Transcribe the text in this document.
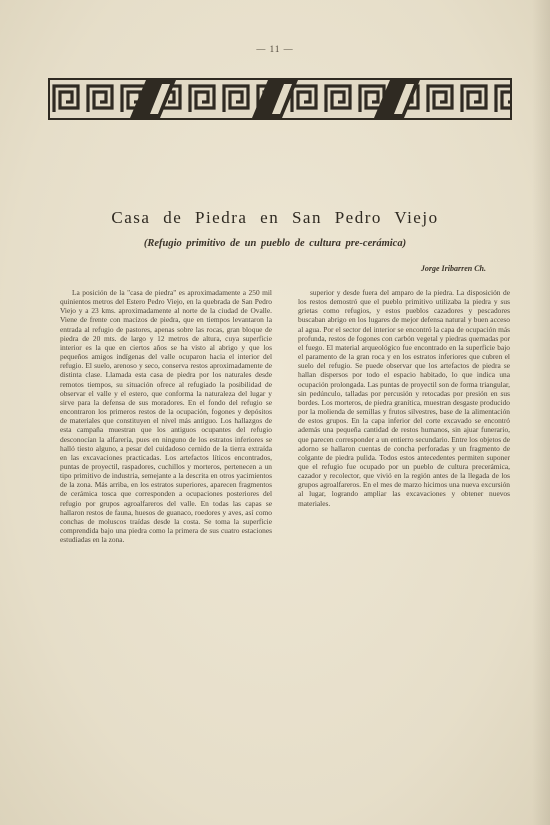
— 11 —
Casa de Piedra en San Pedro Viejo
(Refugio primitivo de un pueblo de cultura pre-cerámica)
Jorge Iribarren Ch.

La posición de la "casa de piedra" es aproximadamente a 250 mil quinientos metros del Estero Pedro Viejo, en la quebrada de San Pedro Viejo y a 23 kms. aproximadamente al norte de la ciudad de Ovalle. Viene de frente con macizos de piedra, que en tiempos levantaron la entrada al refugio de pastores, apenas sobre las rocas, gran bloque de piedra de 20 mts. de largo y 12 metros de altura, cuya superficie interior es la que en ciertos años se ha visto al abrigo y que los pequeños amigos indígenas del valle ocuparon hacia el interior del refugio. El suelo, arenoso y seco, conserva restos aproximadamente de distinta clase. Llamada esta casa de piedra por los naturales desde remotos tiempos, su situación ofrece al refugiado la posibilidad de observar el valle y el estero, que conforma la naturaleza del lugar y sirve para la defensa de sus moradores. En el fondo del refugio se encontraron los primeros restos de la ocupación, fogones y depósitos de materiales que constituyen el nivel más antiguo. Los hallazgos de esta campaña muestran que los antiguos ocupantes del refugio desconocían la alfarería, pues en ninguno de los estratos inferiores se halló tiesto alguno, a pesar del cuidadoso cernido de la tierra extraída en las excavaciones practicadas. Los artefactos líticos encontrados, puntas de proyectil, raspadores, cuchillos y morteros, pertenecen a un tipo primitivo de industria, semejante a la descrita en otros yacimientos de la zona. Más arriba, en los estratos superiores, aparecen fragmentos de cerámica tosca que corresponden a ocupaciones posteriores del refugio por grupos agroalfareros del valle. En todas las capas se hallaron restos de fauna, huesos de guanaco, roedores y aves, así como conchas de moluscos traídas desde la costa. Se toma la superficie comprendida bajo una piedra como la primera de sus cuatro estaciones estudiadas en la zona.

superior y desde fuera del amparo de la piedra. La disposición de los restos demostró que el pueblo primitivo utilizaba la piedra y sus grietas como refugios, y estos pueblos cazadores y pescadores buscaban abrigo en los lugares de mejor defensa natural y buen acceso al agua. Por el sector del interior se encontró la capa de ocupación más profunda, restos de fogones con carbón vegetal y piedras quemadas por el fuego. El material arqueológico fue encontrado en la superficie bajo el paramento de la gran roca y en los estratos inferiores que cubren el suelo del refugio. Se puede observar que los artefactos de piedra se hallan dispersos por todo el espacio habitado, lo que indica una ocupación prolongada. Las puntas de proyectil son de forma triangular, sin pedúnculo, talladas por percusión y retocadas por presión en sus bordes. Los morteros, de piedra granítica, muestran desgaste producido por la molienda de semillas y frutos silvestres, base de la alimentación de estos grupos. En la capa inferior del corte excavado se encontró además una pequeña cantidad de restos humanos, sin ajuar funerario, que parecen corresponder a un entierro secundario. Entre los objetos de adorno se hallaron cuentas de concha perforadas y un fragmento de colgante de piedra pulida. Todos estos antecedentes permiten suponer que el refugio fue ocupado por un pueblo de cultura precerámica, cazador y recolector, que vivió en la región antes de la llegada de los grupos agroalfareros. En el mes de marzo hicimos una nueva excursión al lugar, logrando ampliar las excavaciones y obtener nuevos materiales.
